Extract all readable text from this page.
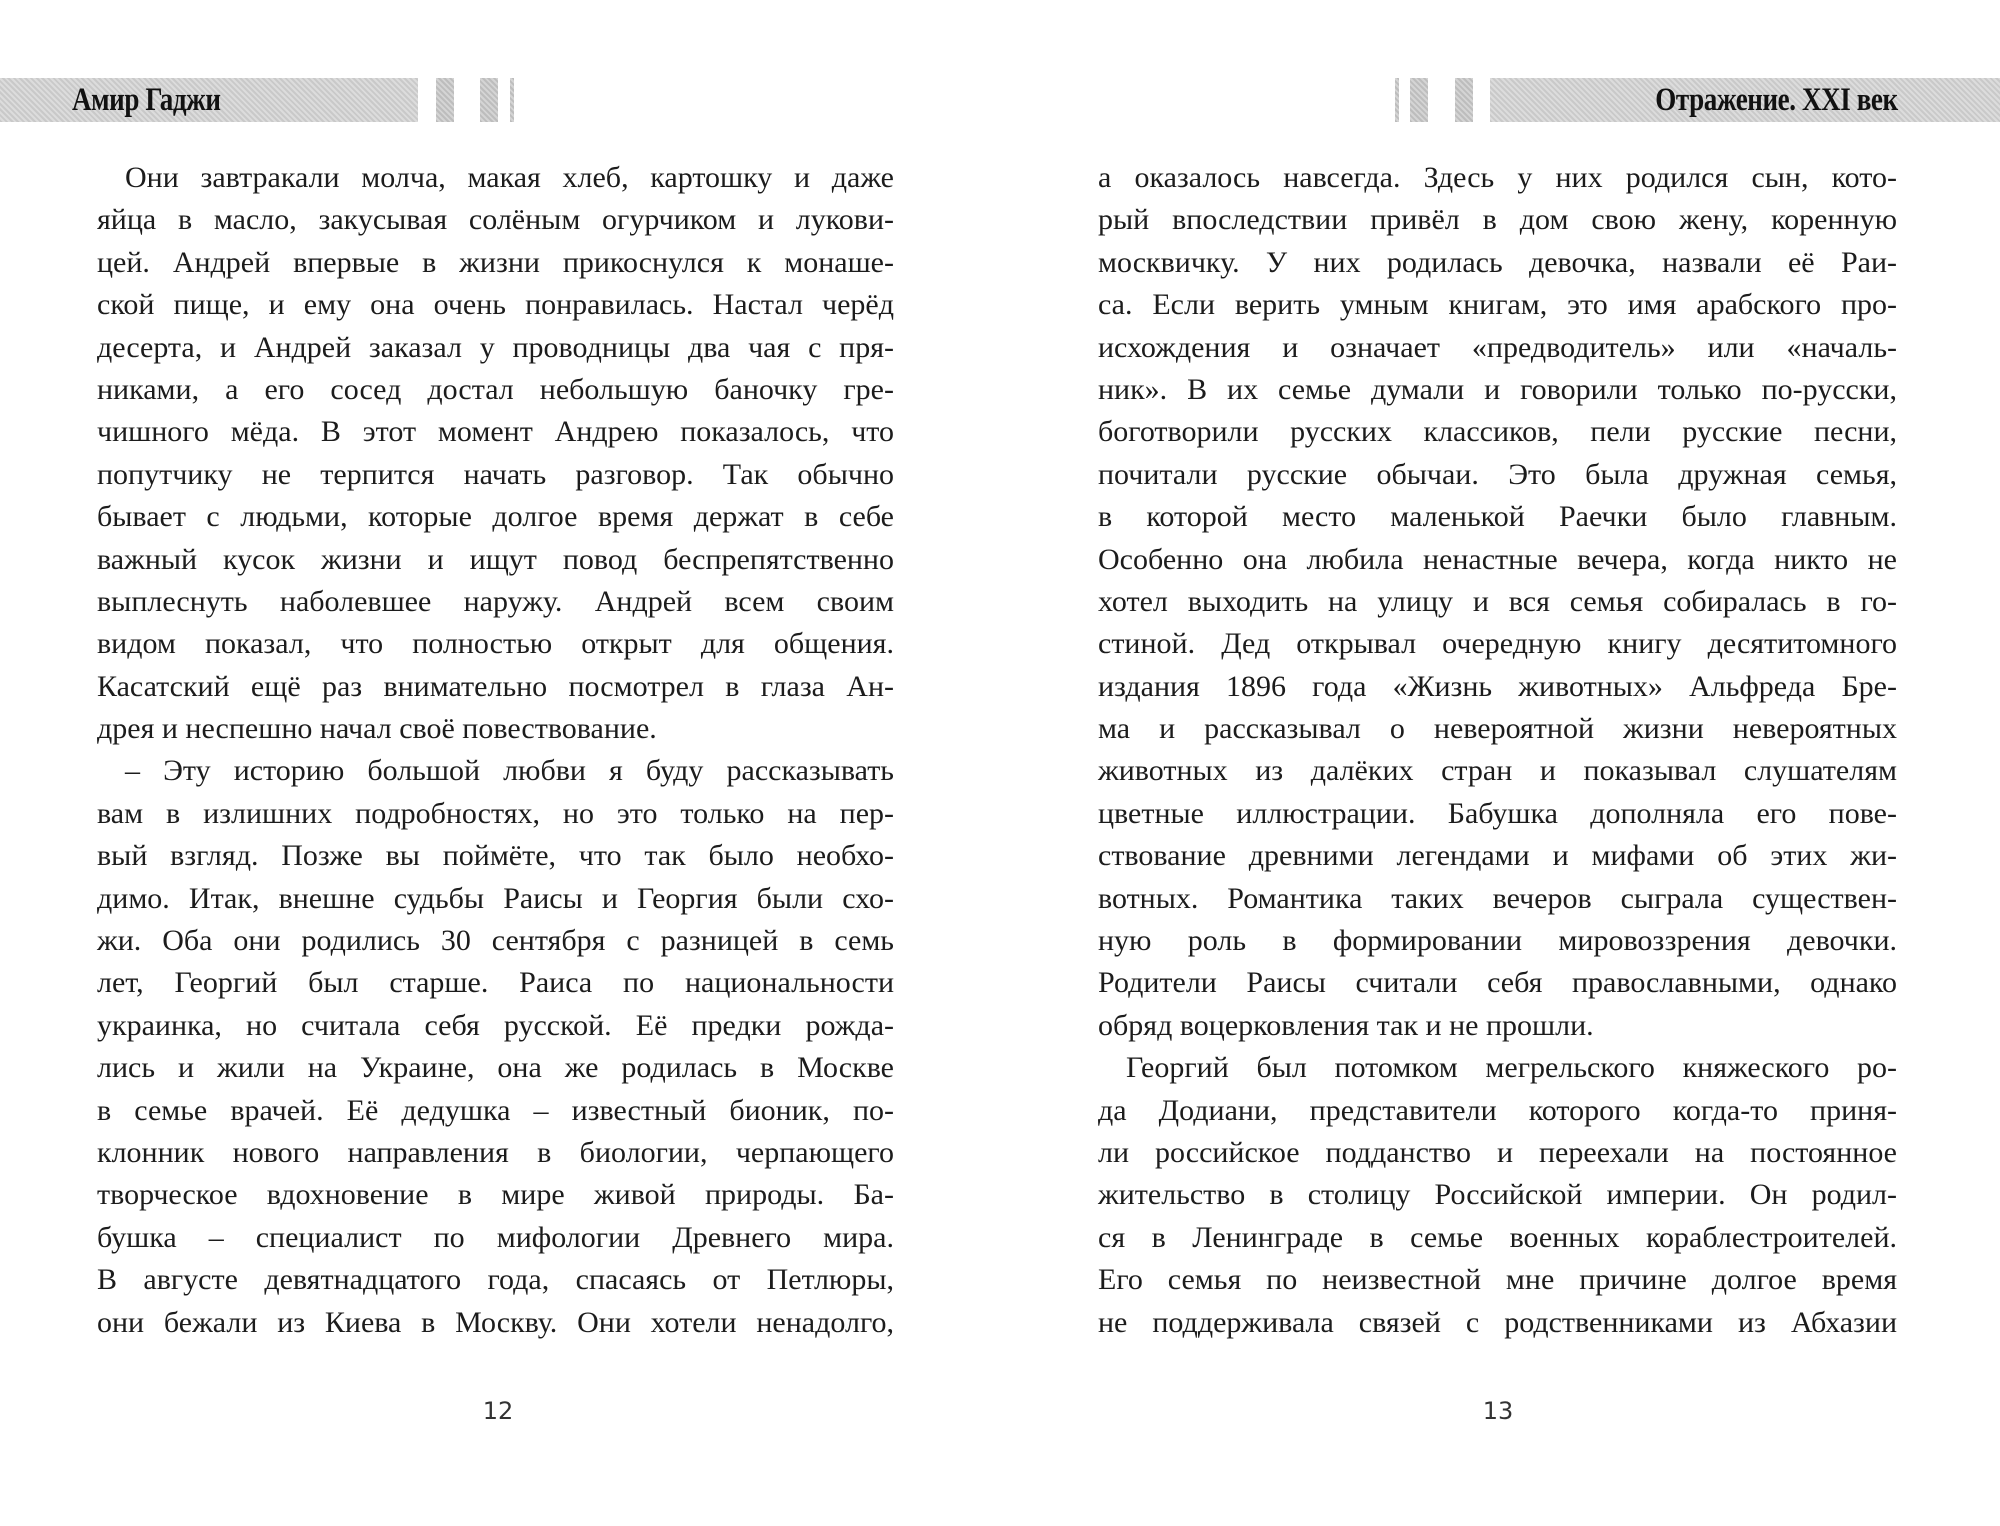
Амир Гаджи
Они завтракали молча, макая хлеб, картошку и даже
яйца в масло, закусывая солёным огурчиком и лукови-
цей. Андрей впервые в жизни прикоснулся к монаше-
ской пище, и ему она очень понравилась. Настал черёд
десерта, и Андрей заказал у проводницы два чая с пря-
никами, а его сосед достал небольшую баночку гре-
чишного мёда. В этот момент Андрею показалось, что
попутчику не терпится начать разговор. Так обычно
бывает с людьми, которые долгое время держат в себе
важный кусок жизни и ищут повод беспрепятственно
выплеснуть наболевшее наружу. Андрей всем своим
видом показал, что полностью открыт для общения.
Касатский ещё раз внимательно посмотрел в глаза Ан-
дрея и неспешно начал своё повествование.
– Эту историю большой любви я буду рассказывать
вам в излишних подробностях, но это только на пер-
вый взгляд. Позже вы поймёте, что так было необхо-
димо. Итак, внешне судьбы Раисы и Георгия были схо-
жи. Оба они родились 30 сентября с разницей в семь
лет, Георгий был старше. Раиса по национальности
украинка, но считала себя русской. Её предки рожда-
лись и жили на Украине, она же родилась в Москве
в семье врачей. Её дедушка – известный бионик, по-
клонник нового направления в биологии, черпающего
творческое вдохновение в мире живой природы. Ба-
бушка – специалист по мифологии Древнего мира.
В августе девятнадцатого года, спасаясь от Петлюры,
они бежали из Киева в Москву. Они хотели ненадолго,
12
Отражение. XXI век
а оказалось навсегда. Здесь у них родился сын, кото-
рый впоследствии привёл в дом свою жену, коренную
москвичку. У них родилась девочка, назвали её Раи-
са. Если верить умным книгам, это имя арабского про-
исхождения и означает «предводитель» или «началь-
ник». В их семье думали и говорили только по-русски,
боготворили русских классиков, пели русские песни,
почитали русские обычаи. Это была дружная семья,
в которой место маленькой Раечки было главным.
Особенно она любила ненастные вечера, когда никто не
хотел выходить на улицу и вся семья собиралась в го-
стиной. Дед открывал очередную книгу десятитомного
издания 1896 года «Жизнь животных» Альфреда Бре-
ма и рассказывал о невероятной жизни невероятных
животных из далёких стран и показывал слушателям
цветные иллюстрации. Бабушка дополняла его пове-
ствование древними легендами и мифами об этих жи-
вотных. Романтика таких вечеров сыграла существен-
ную роль в формировании мировоззрения девочки.
Родители Раисы считали себя православными, однако
обряд воцерковления так и не прошли.
Георгий был потомком мегрельского княжеского ро-
да Додиани, представители которого когда-то приня-
ли российское подданство и переехали на постоянное
жительство в столицу Российской империи. Он родил-
ся в Ленинграде в семье военных кораблестроителей.
Его семья по неизвестной мне причине долгое время
не поддерживала связей с родственниками из Абхазии
13
